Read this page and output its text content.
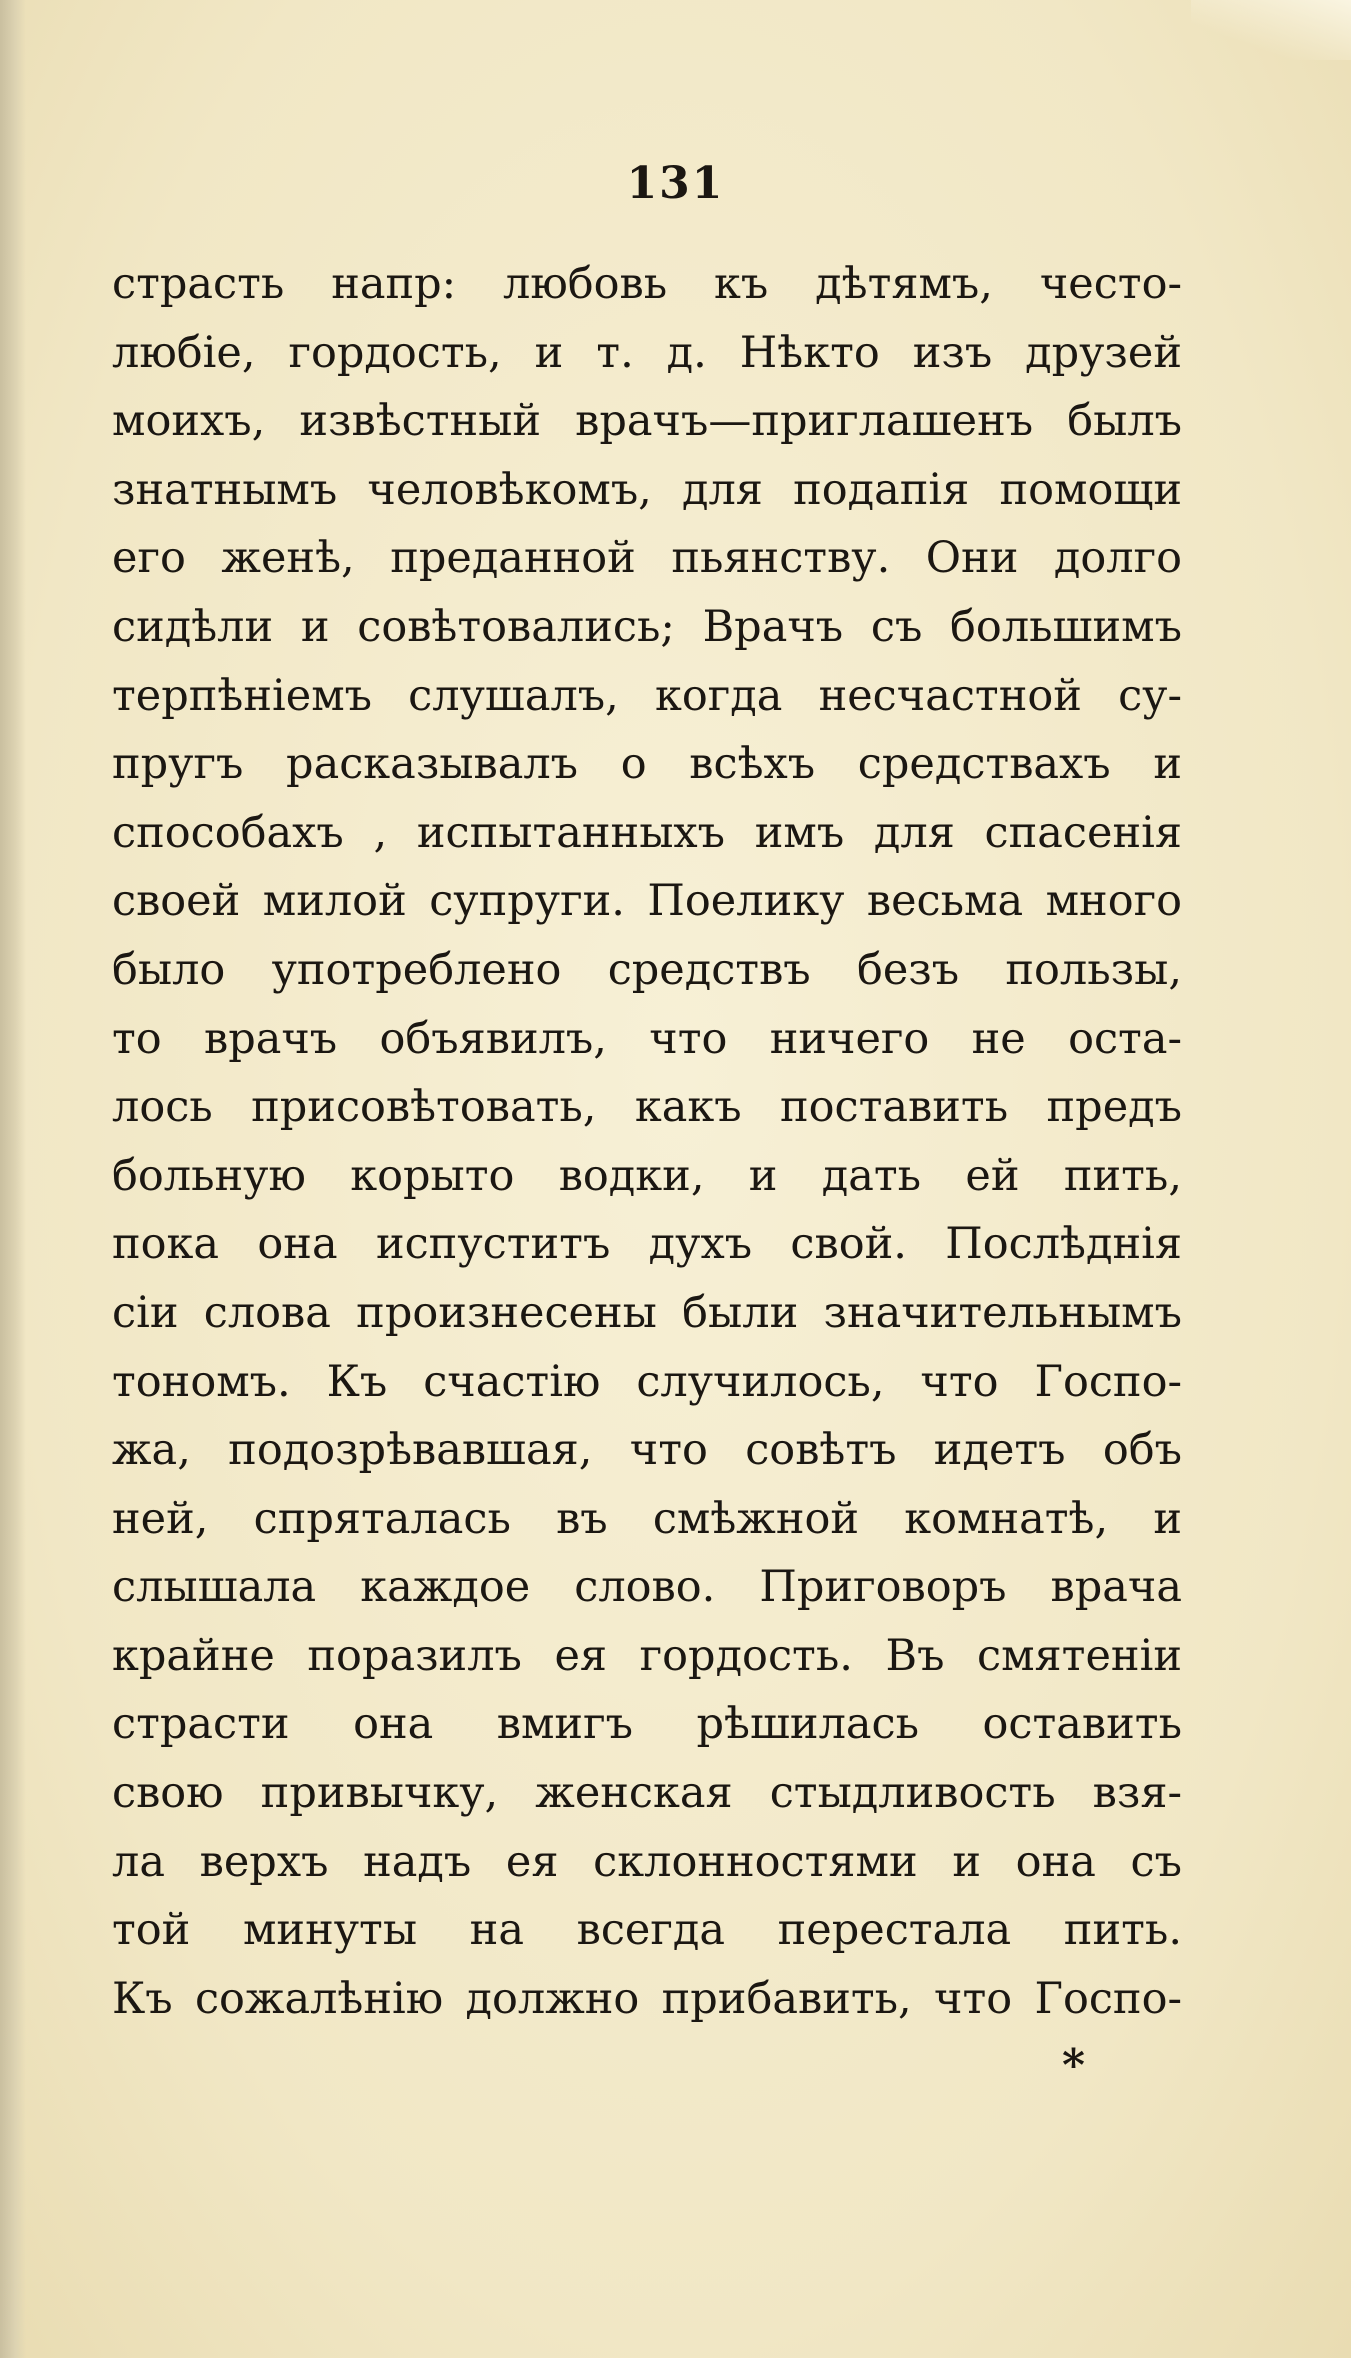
131
страсть напр: любовь къ дѣтямъ, често-
любіе, гордость, и т. д. Нѣкто изъ друзей
моихъ, извѣстный врачъ—приглашенъ былъ
знатнымъ человѣкомъ, для подапія помощи
его женѣ, преданной пьянству. Они долго
сидѣли и совѣтовались; Врачъ съ большимъ
терпѣніемъ слушалъ, когда несчастной су-
пругъ расказывалъ о всѣхъ средствахъ и
способахъ , испытанныхъ имъ для спасенія
своей милой супруги. Поелику весьма много
было употреблено средствъ безъ пользы,
то врачъ объявилъ, что ничего не оста-
лось присовѣтовать, какъ поставить предъ
больную корыто водки, и дать ей пить,
пока она испуститъ духъ свой. Послѣднія
сіи слова произнесены были значительнымъ
тономъ. Къ счастію случилось, что Госпо-
жа, подозрѣвавшая, что совѣтъ идетъ объ
ней, спряталась въ смѣжной комнатѣ, и
слышала каждое слово. Приговоръ врача
крайне поразилъ ея гордость. Въ смятеніи
страсти она вмигъ рѣшилась оставить
свою привычку, женская стыдливость взя-
ла верхъ надъ ея склонностями и она съ
той минуты на всегда перестала пить.
Къ сожалѣнію должно прибавить, что Госпо-
*
